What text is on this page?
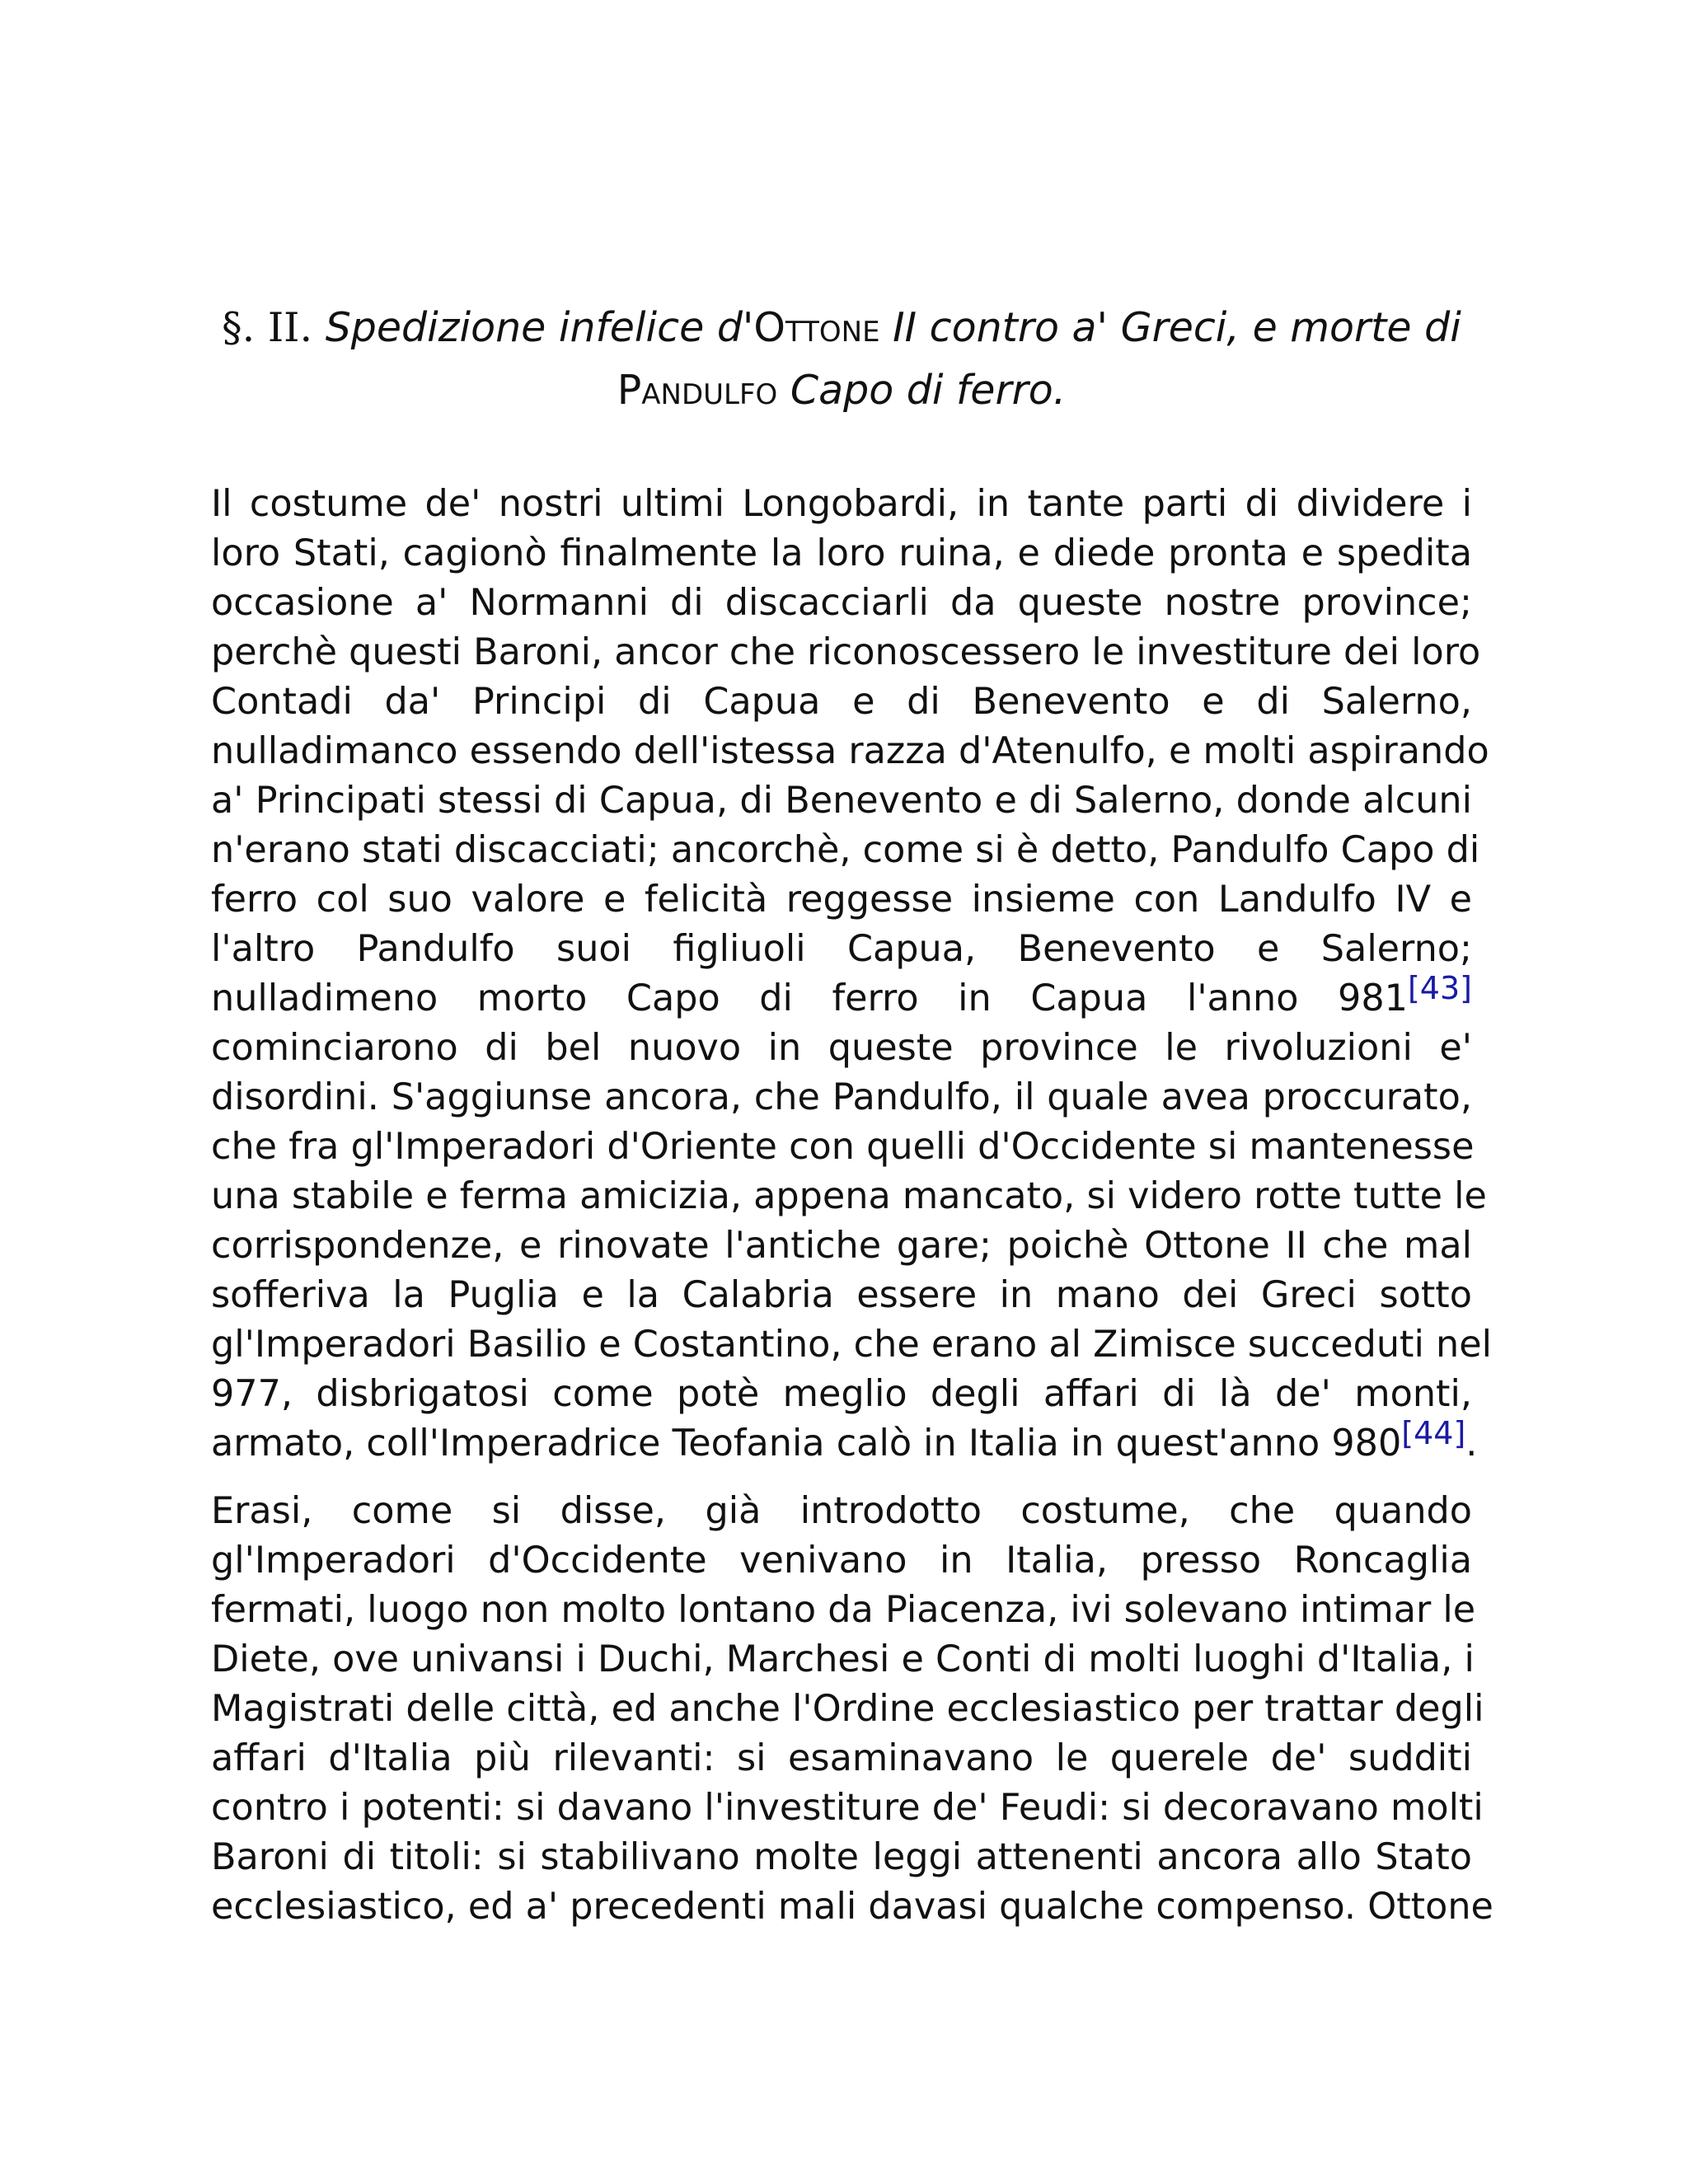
§. II. Spedizione infelice d'Ottone II contro a' Greci, e morte di
Pandulfo Capo di ferro.
Il costume de' nostri ultimi Longobardi, in tante parti di dividere i
loro Stati, cagionò finalmente la loro ruina, e diede pronta e spedita
occasione a' Normanni di discacciarli da queste nostre province;
perchè questi Baroni, ancor che riconoscessero le investiture dei loro
Contadi da' Principi di Capua e di Benevento e di Salerno,
nulladimanco essendo dell'istessa razza d'Atenulfo, e molti aspirando
a' Principati stessi di Capua, di Benevento e di Salerno, donde alcuni
n'erano stati discacciati; ancorchè, come si è detto, Pandulfo Capo di
ferro col suo valore e felicità reggesse insieme con Landulfo IV e
l'altro Pandulfo suoi figliuoli Capua, Benevento e Salerno;
nulladimeno morto Capo di ferro in Capua l'anno 981[43]
cominciarono di bel nuovo in queste province le rivoluzioni e'
disordini. S'aggiunse ancora, che Pandulfo, il quale avea proccurato,
che fra gl'Imperadori d'Oriente con quelli d'Occidente si mantenesse
una stabile e ferma amicizia, appena mancato, si videro rotte tutte le
corrispondenze, e rinovate l'antiche gare; poichè Ottone II che mal
sofferiva la Puglia e la Calabria essere in mano dei Greci sotto
gl'Imperadori Basilio e Costantino, che erano al Zimisce succeduti nel
977, disbrigatosi come potè meglio degli affari di là de' monti,
armato, coll'Imperadrice Teofania calò in Italia in quest'anno 980[44].
Erasi, come si disse, già introdotto costume, che quando
gl'Imperadori d'Occidente venivano in Italia, presso Roncaglia
fermati, luogo non molto lontano da Piacenza, ivi solevano intimar le
Diete, ove univansi i Duchi, Marchesi e Conti di molti luoghi d'Italia, i
Magistrati delle città, ed anche l'Ordine ecclesiastico per trattar degli
affari d'Italia più rilevanti: si esaminavano le querele de' sudditi
contro i potenti: si davano l'investiture de' Feudi: si decoravano molti
Baroni di titoli: si stabilivano molte leggi attenenti ancora allo Stato
ecclesiastico, ed a' precedenti mali davasi qualche compenso. Ottone
